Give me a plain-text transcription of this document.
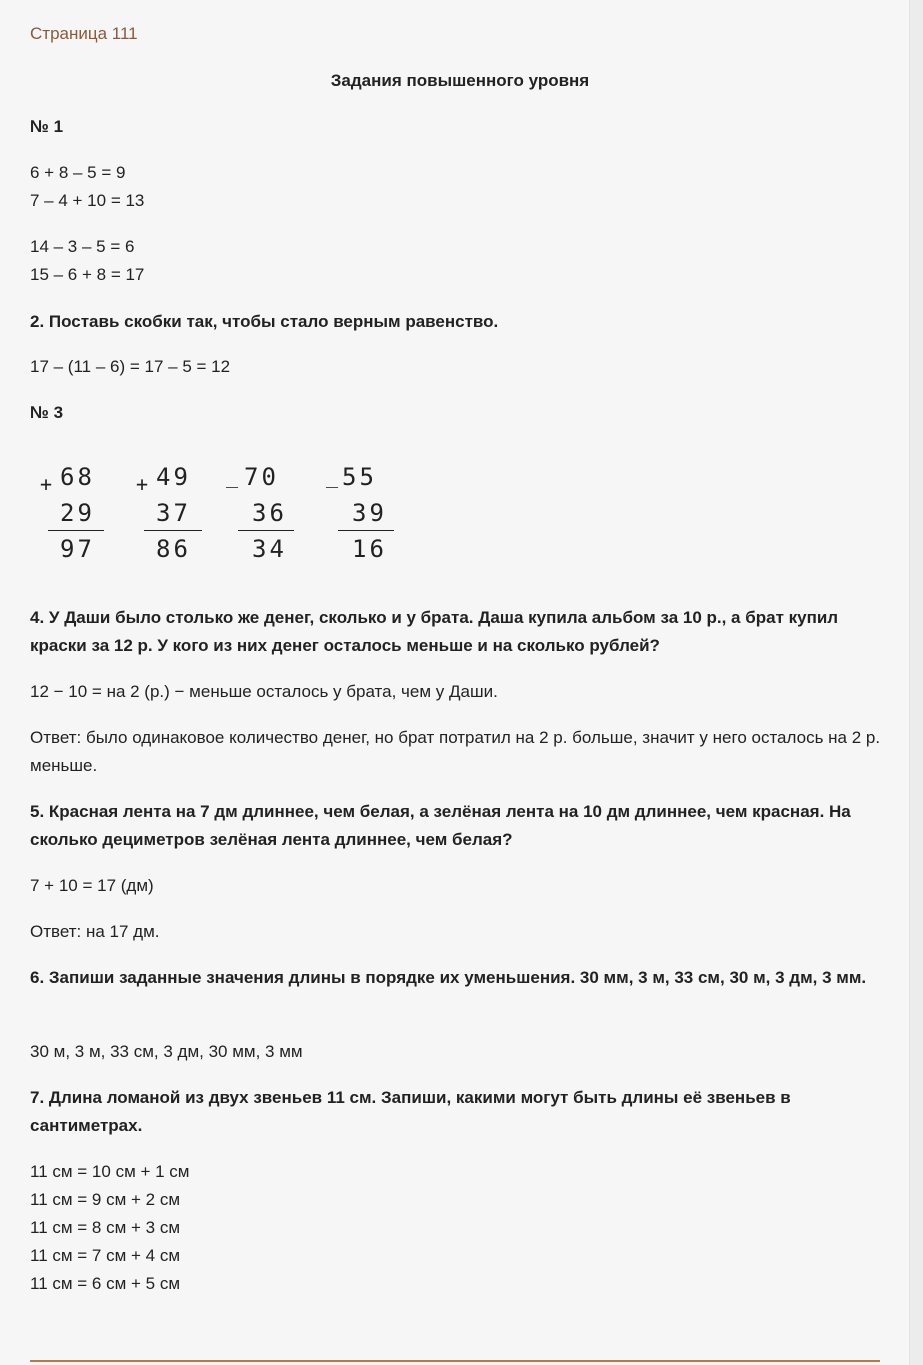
Страница 111
Задания повышенного уровня
№ 1
6 + 8 – 5 = 9
7 – 4 + 10 = 13
14 – 3 – 5 = 6
15 – 6 + 8 = 17
2. Поставь скобки так, чтобы стало верным равенство.
17 – (11 – 6) = 17 – 5 = 12
№ 3
+ 68
29
97
+ 49
37
86
_ 70
36
34
_ 55
39
16
4. У Даши было столько же денег, сколько и у брата. Даша купила альбом за 10 р., а брат купил краски за 12 р. У кого из них денег осталось меньше и на сколько рублей?
12 − 10 = на 2 (р.) − меньше осталось у брата, чем у Даши.
Ответ: было одинаковое количество денег, но брат потратил на 2 р. больше, значит у него осталось на 2 р. меньше.
5. Красная лента на 7 дм длиннее, чем белая, а зелёная лента на 10 дм длиннее, чем красная. На сколько дециметров зелёная лента длиннее, чем белая?
7 + 10 = 17 (дм)
Ответ: на 17 дм.
6. Запиши заданные значения длины в порядке их уменьшения. 30 мм, 3 м, 33 см, 30 м, 3 дм, 3 мм.
30 м, 3 м, 33 см, 3 дм, 30 мм, 3 мм
7. Длина ломаной из двух звеньев 11 см. Запиши, какими могут быть длины её звеньев в сантиметрах.
11 см = 10 см + 1 см
11 см = 9 см + 2 см
11 см = 8 см + 3 см
11 см = 7 см + 4 см
11 см = 6 см + 5 см
